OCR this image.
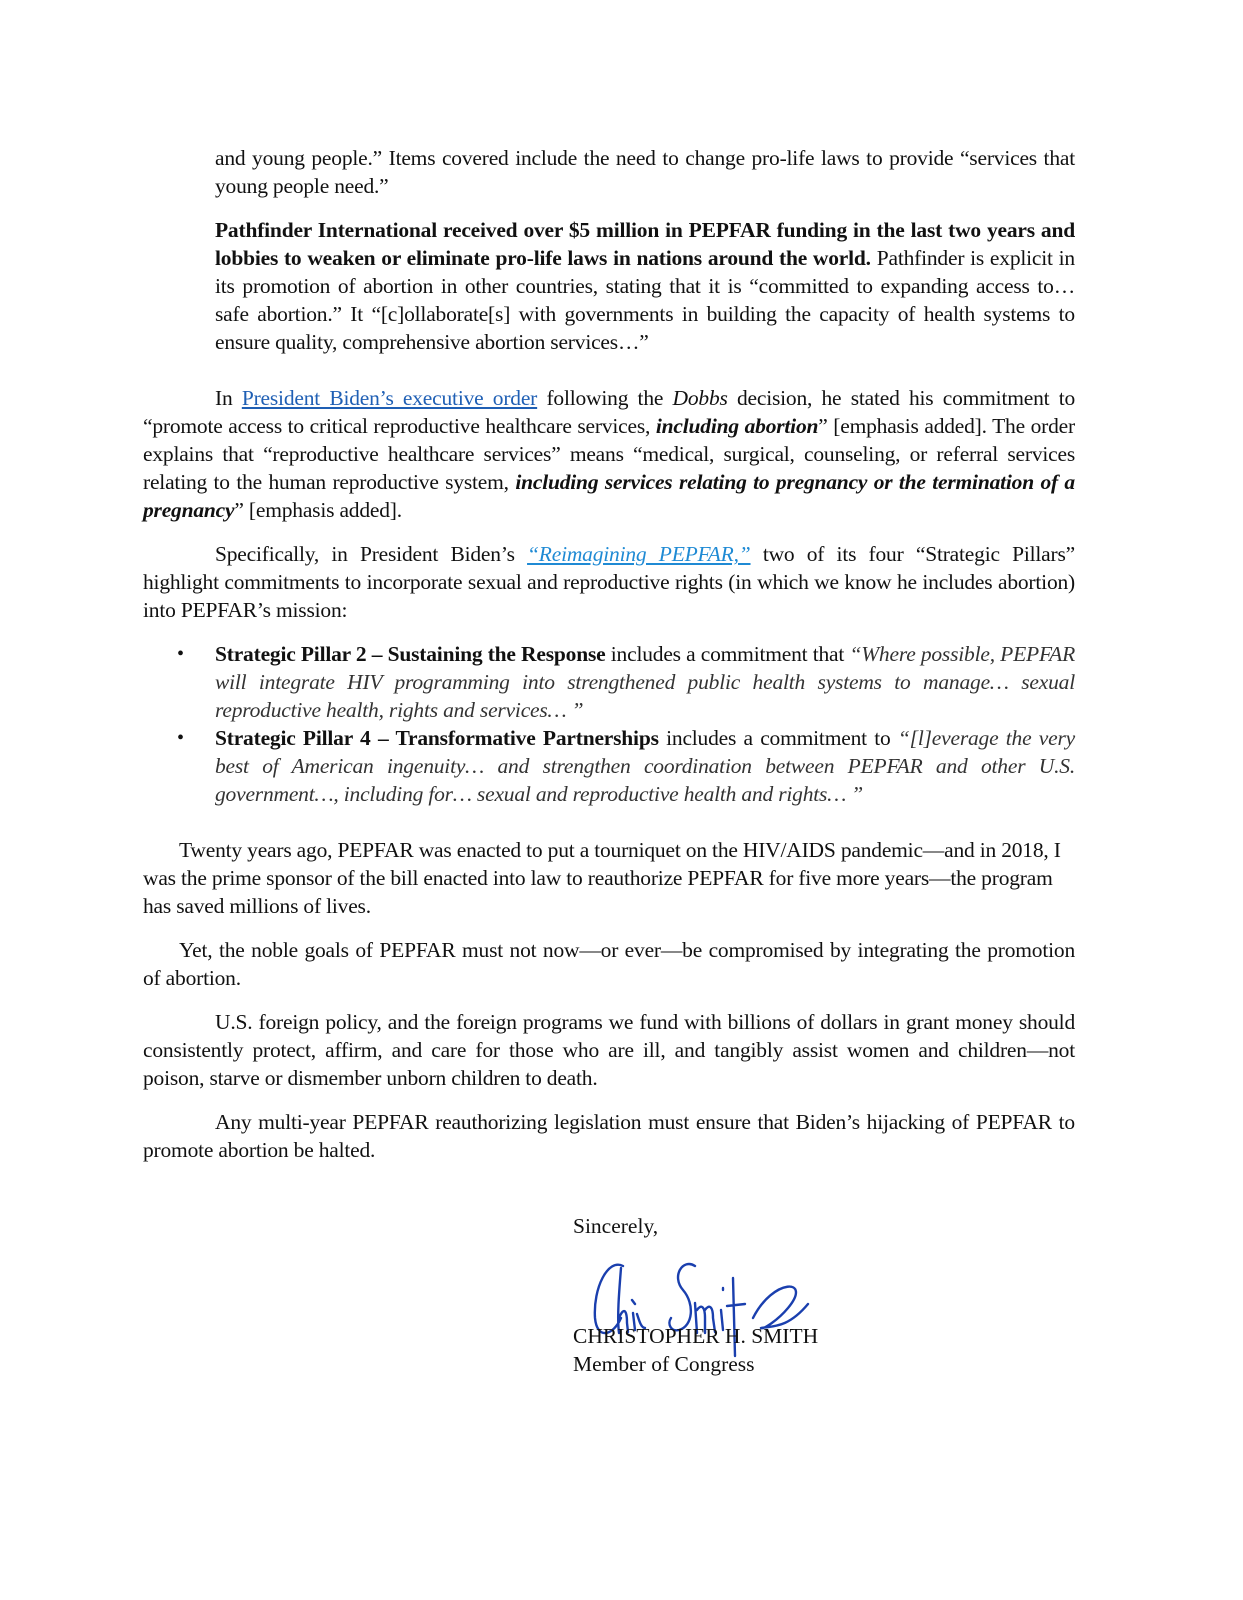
and young people.” Items covered include the need to change pro-life laws to provide “services that young people need.”

Pathfinder International received over $5 million in PEPFAR funding in the last two years and lobbies to weaken or eliminate pro-life laws in nations around the world. Pathfinder is explicit in its promotion of abortion in other countries, stating that it is “committed to expanding access to… safe abortion.” It “[c]ollaborate[s] with governments in building the capacity of health systems to ensure quality, comprehensive abortion services…”

In President Biden’s executive order following the Dobbs decision, he stated his commitment to “promote access to critical reproductive healthcare services, including abortion” [emphasis added]. The order explains that “reproductive healthcare services” means “medical, surgical, counseling, or referral services relating to the human reproductive system, including services relating to pregnancy or the termination of a pregnancy” [emphasis added].

Specifically, in President Biden’s “Reimagining PEPFAR,” two of its four “Strategic Pillars” highlight commitments to incorporate sexual and reproductive rights (in which we know he includes abortion) into PEPFAR’s mission:

• Strategic Pillar 2 – Sustaining the Response includes a commitment that “Where possible, PEPFAR will integrate HIV programming into strengthened public health systems to manage… sexual reproductive health, rights and services… ”
• Strategic Pillar 4 – Transformative Partnerships includes a commitment to “[l]everage the very best of American ingenuity… and strengthen coordination between PEPFAR and other U.S. government…, including for… sexual and reproductive health and rights… ”

Twenty years ago, PEPFAR was enacted to put a tourniquet on the HIV/AIDS pandemic—and in 2018, I was the prime sponsor of the bill enacted into law to reauthorize PEPFAR for five more years—the program has saved millions of lives.

Yet, the noble goals of PEPFAR must not now—or ever—be compromised by integrating the promotion of abortion.

U.S. foreign policy, and the foreign programs we fund with billions of dollars in grant money should consistently protect, affirm, and care for those who are ill, and tangibly assist women and children—not poison, starve or dismember unborn children to death.

Any multi-year PEPFAR reauthorizing legislation must ensure that Biden’s hijacking of PEPFAR to promote abortion be halted.

Sincerely,
CHRISTOPHER H. SMITH
Member of Congress
